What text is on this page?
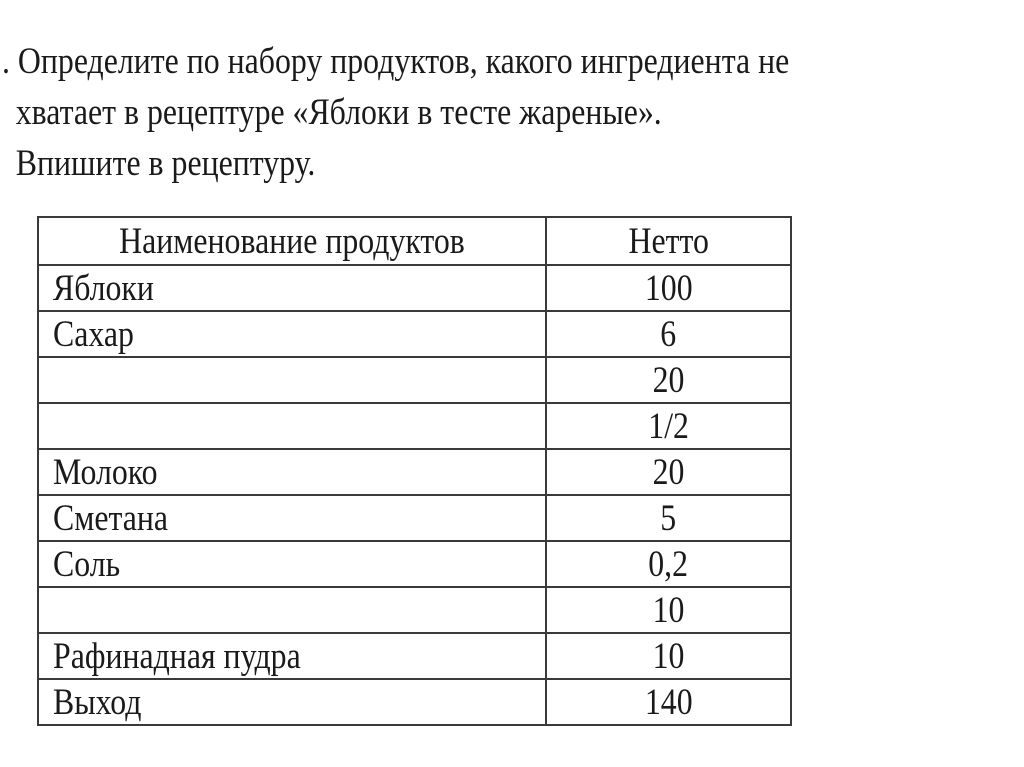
. Определите по набору продуктов, какого ингредиента не
хватает в рецептуре «Яблоки в тесте жареные».
Впишите в рецептуру.
Наименование продуктов	Нетто
Яблоки	100
Сахар	6
	20
	1/2
Молоко	20
Сметана	5
Соль	0,2
	10
Рафинадная пудра	10
Выход	140
